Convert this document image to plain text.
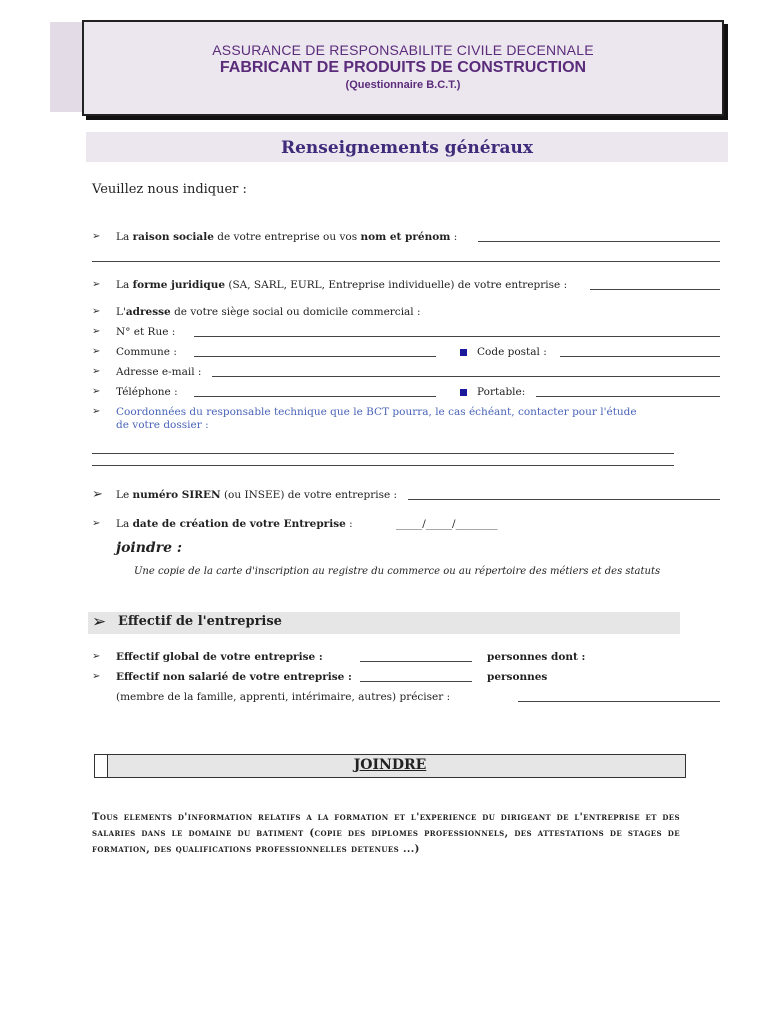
ASSURANCE DE RESPONSABILITE CIVILE DECENNALE
FABRICANT DE PRODUITS DE CONSTRUCTION
(Questionnaire B.C.T.)
Renseignements généraux
Veuillez nous indiquer :
➢ La raison sociale de votre entreprise ou vos nom et prénom :
➢ La forme juridique (SA, SARL, EURL, Entreprise individuelle) de votre entreprise :
➢ L'adresse de votre siège social ou domicile commercial :
➢ N° et Rue :
➢ Commune :	Code postal :
➢ Adresse e-mail :
➢ Téléphone :	Portable:
➢ Coordonnées du responsable technique que le BCT pourra, le cas échéant, contacter pour l'étude
de votre dossier :
➢ Le numéro SIREN (ou INSEE) de votre entreprise :
➢ La date de création de votre Entreprise :	_____/_____/________
joindre :
Une copie de la carte d'inscription au registre du commerce ou au répertoire des métiers et des statuts
➢ Effectif de l'entreprise
➢ Effectif global de votre entreprise :	personnes dont :
➢ Effectif non salarié de votre entreprise :	personnes
(membre de la famille, apprenti, intérimaire, autres) préciser :
JOINDRE
Tous elements d'information relatifs a la formation et l'experience du dirigeant de l'entreprise et des salaries dans le domaine du batiment (copie des diplomes professionnels, des attestations de stages de formation, des qualifications professionnelles detenues ...)
